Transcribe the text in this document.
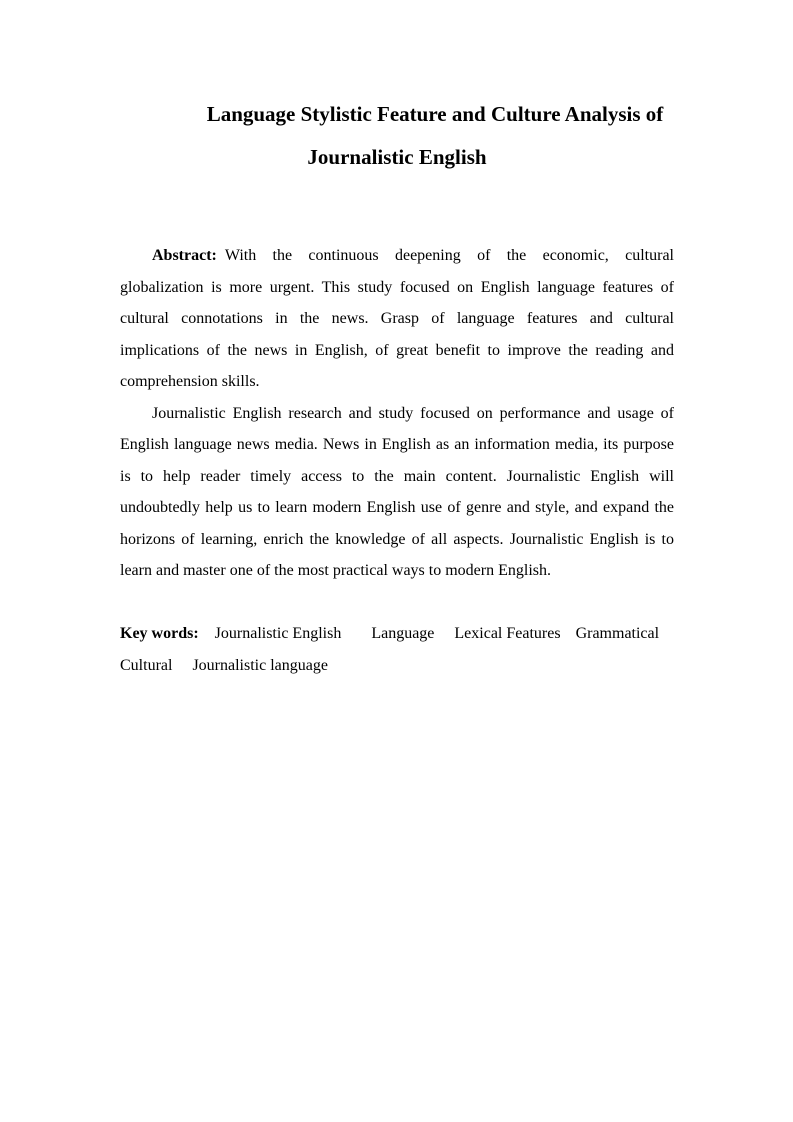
Language Stylistic Feature and Culture Analysis of
Journalistic English

Abstract: With the continuous deepening of the economic, cultural globalization is more urgent. This study focused on English language features of cultural connotations in the news. Grasp of language features and cultural implications of the news in English, of great benefit to improve the reading and comprehension skills.

Journalistic English research and study focused on performance and usage of English language news media. News in English as an information media, its purpose is to help reader timely access to the main content. Journalistic English will undoubtedly help us to learn modern English use of genre and style, and expand the horizons of learning, enrich the knowledge of all aspects. Journalistic English is to learn and master one of the most practical ways to modern English.

Key words: Journalistic English Language Lexical Features Grammatical
Cultural Journalistic language
